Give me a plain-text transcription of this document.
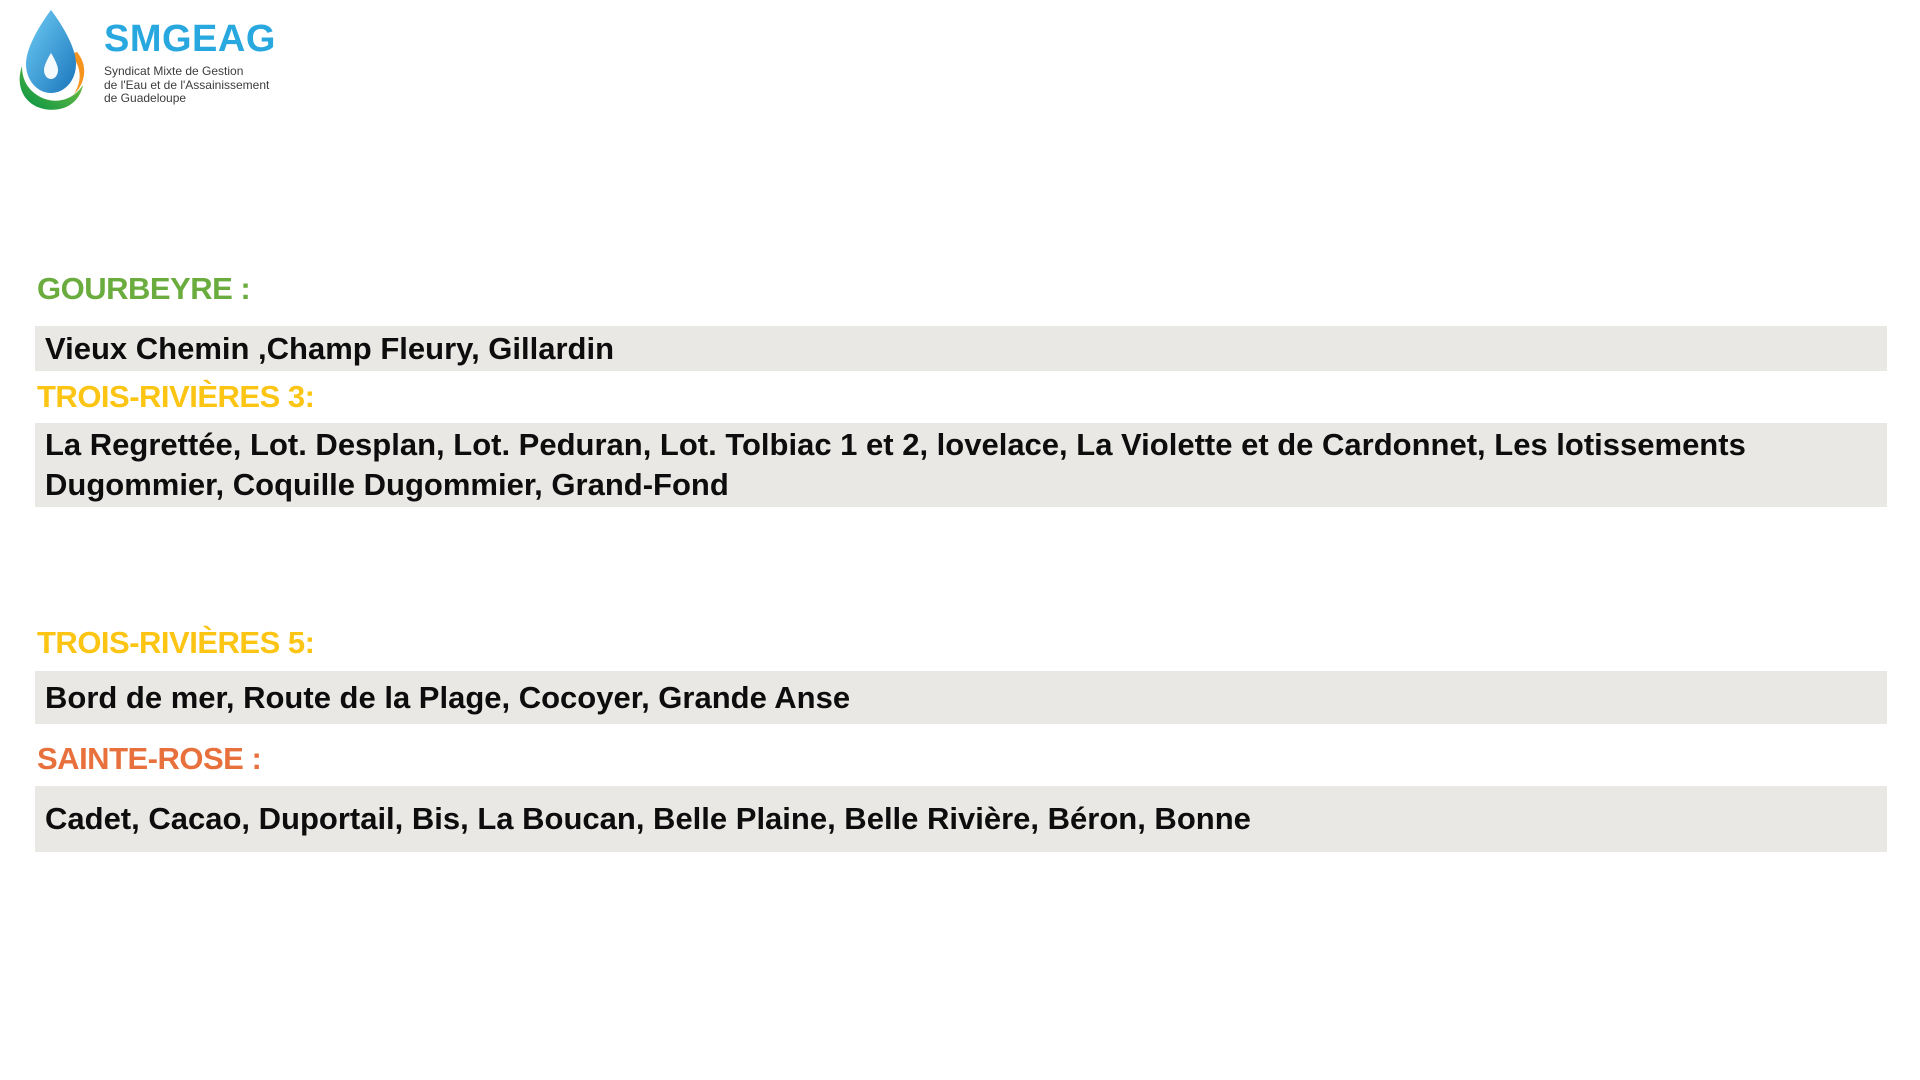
SMGEAG
Syndicat Mixte de Gestion
de l'Eau et de l'Assainissement
de Guadeloupe
GOURBEYRE :
Vieux Chemin ,Champ Fleury, Gillardin
TROIS-RIVIÈRES 3:
La Regrettée, Lot. Desplan, Lot. Peduran, Lot. Tolbiac 1 et 2, lovelace, La Violette et de Cardonnet, Les lotissements
Dugommier, Coquille Dugommier, Grand-Fond
TROIS-RIVIÈRES 5:
Bord de mer, Route de la Plage, Cocoyer, Grande Anse
SAINTE-ROSE :
Cadet, Cacao, Duportail, Bis, La Boucan, Belle Plaine, Belle Rivière, Béron, Bonne
